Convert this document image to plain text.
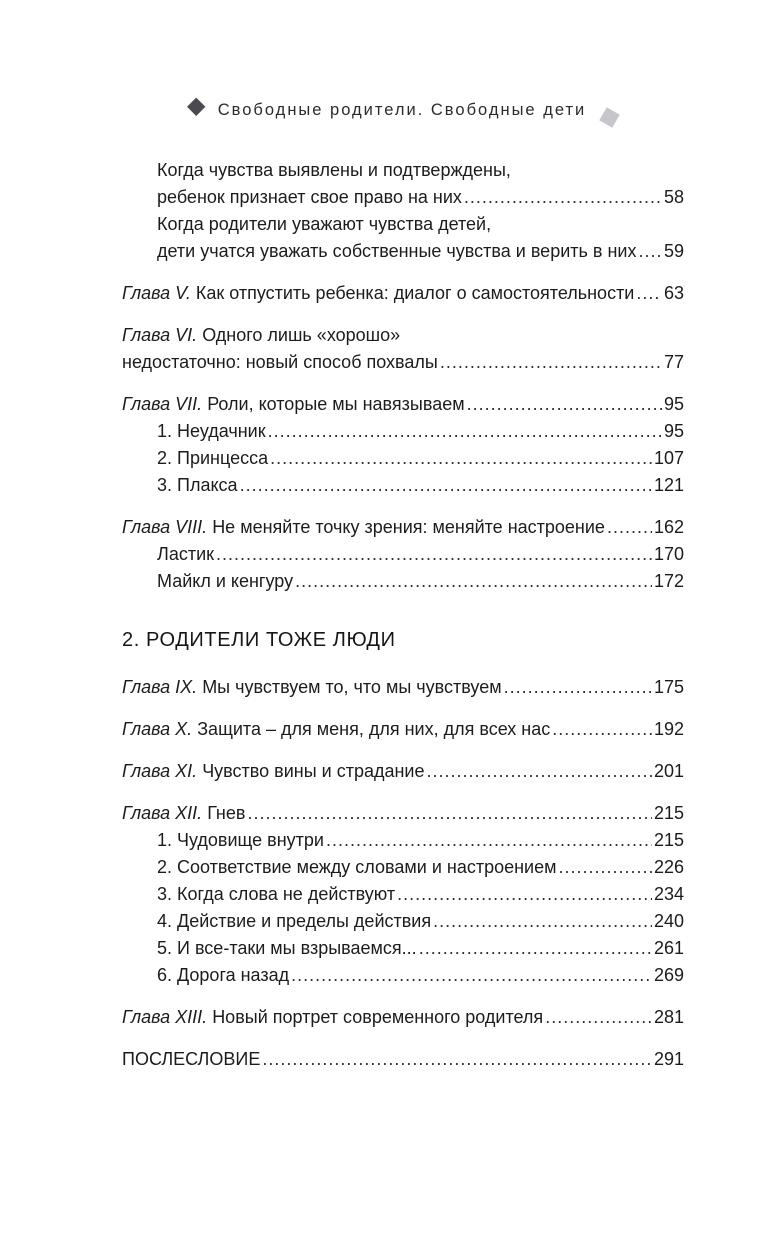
Свободные родители. Свободные дети
Когда чувства выявлены и подтверждены,
ребенок признает свое право на них .....	58
Когда родители уважают чувства детей,
дети учатся уважать собственные чувства и верить в них ..... 59
Глава V. Как отпустить ребенка: диалог о самостоятельности ..... 63
Глава VI. Одного лишь «хорошо»
недостаточно: новый способ похвалы .....	77
Глава VII. Роли, которые мы навязываем .....	95
1. Неудачник .....	95
2. Принцесса .....	107
3. Плакса .....	121
Глава VIII. Не меняйте точку зрения: меняйте настроение .....	162
Ластик .....	170
Майкл и кенгуру .....	172
2. РОДИТЕЛИ ТОЖЕ ЛЮДИ
Глава IX. Мы чувствуем то, что мы чувствуем .....	175
Глава X. Защита – для меня, для них, для всех нас .....	192
Глава XI. Чувство вины и страдание .....	201
Глава XII. Гнев .....	215
1. Чудовище внутри .....	215
2. Соответствие между словами и настроением .....	226
3. Когда слова не действуют .....	234
4. Действие и пределы действия .....	240
5. И все-таки мы взрываемся... .....	261
6. Дорога назад .....	269
Глава XIII. Новый портрет современного родителя .....	281
ПОСЛЕСЛОВИЕ .....	291
